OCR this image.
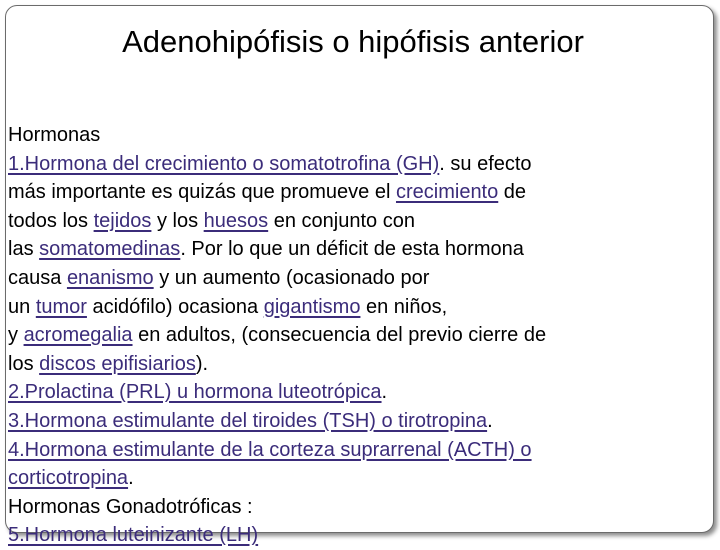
Adenohipófisis o hipófisis anterior
Hormonas
1.Hormona del crecimiento o somatotrofina (GH). su efecto
más importante es quizás que promueve el crecimiento de
todos los tejidos y los huesos en conjunto con
las somatomedinas. Por lo que un déficit de esta hormona
causa enanismo y un aumento (ocasionado por
un tumor acidófilo) ocasiona gigantismo en niños,
y acromegalia en adultos, (consecuencia del previo cierre de
los discos epifisiarios).
2.Prolactina (PRL) u hormona luteotrópica.
3.Hormona estimulante del tiroides (TSH) o tirotropina.
4.Hormona estimulante de la corteza suprarrenal (ACTH) o
corticotropina.
Hormonas Gonadotróficas :
5.Hormona luteinizante (LH)
